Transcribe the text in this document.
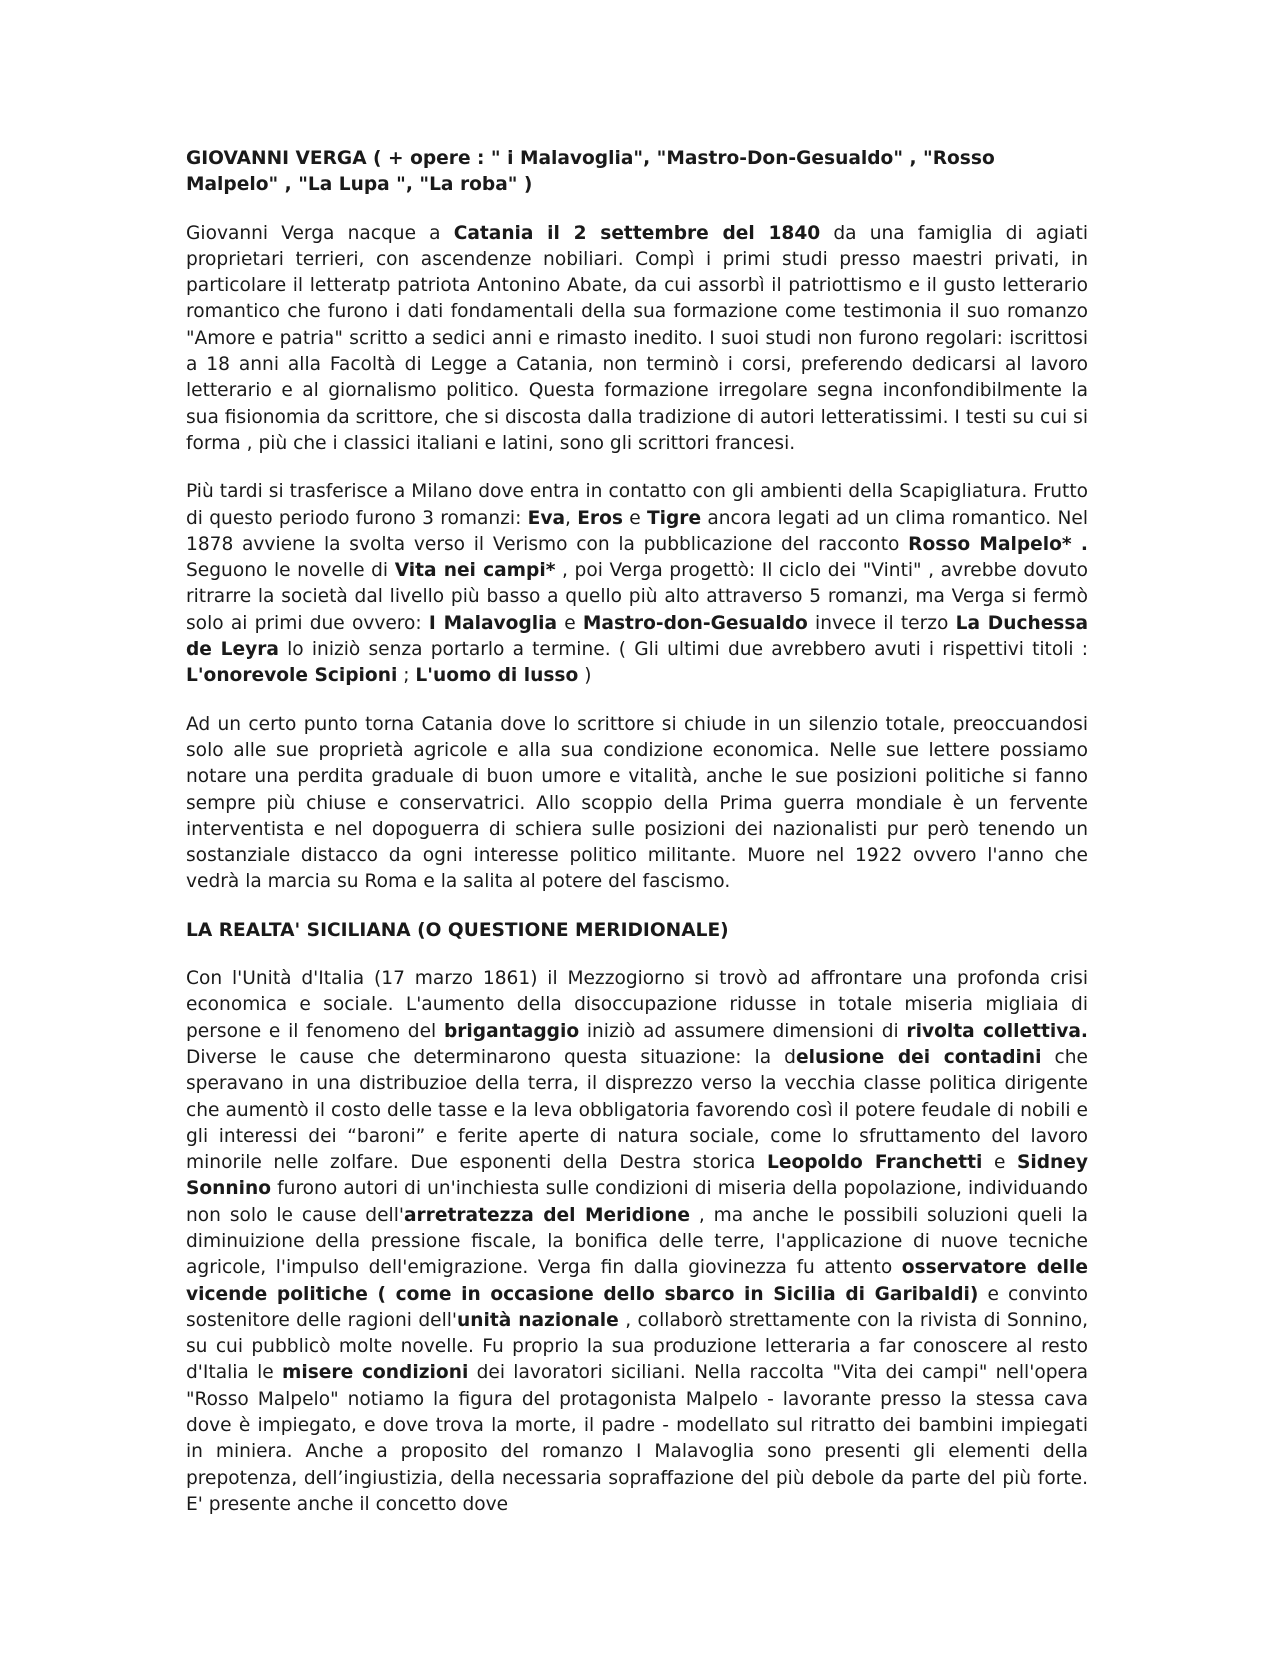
GIOVANNI VERGA ( + opere : " i Malavoglia", "Mastro-Don-Gesualdo" , "Rosso Malpelo" , "La Lupa ", "La roba" )

Giovanni Verga nacque a Catania il 2 settembre del 1840 da una famiglia di agiati proprietari terrieri, con ascendenze nobiliari. Compì i primi studi presso maestri privati, in particolare il letteratp patriota Antonino Abate, da cui assorbì il patriottismo e il gusto letterario romantico che furono i dati fondamentali della sua formazione come testimonia il suo romanzo "Amore e patria" scritto a sedici anni e rimasto inedito. I suoi studi non furono regolari: iscrittosi a 18 anni alla Facoltà di Legge a Catania, non terminò i corsi, preferendo dedicarsi al lavoro letterario e al giornalismo politico. Questa formazione irregolare segna inconfondibilmente la sua fisionomia da scrittore, che si discosta dalla tradizione di autori letteratissimi. I testi su cui si forma , più che i classici italiani e latini, sono gli scrittori francesi.

Più tardi si trasferisce a Milano dove entra in contatto con gli ambienti della Scapigliatura. Frutto di questo periodo furono 3 romanzi: Eva, Eros e Tigre ancora legati ad un clima romantico. Nel 1878 avviene la svolta verso il Verismo con la pubblicazione del racconto Rosso Malpelo* . Seguono le novelle di Vita nei campi* , poi Verga progettò: Il ciclo dei "Vinti" , avrebbe dovuto ritrarre la società dal livello più basso a quello più alto attraverso 5 romanzi, ma Verga si fermò solo ai primi due ovvero: I Malavoglia e Mastro-don-Gesualdo invece il terzo La Duchessa de Leyra lo iniziò senza portarlo a termine. ( Gli ultimi due avrebbero avuti i rispettivi titoli : L'onorevole Scipioni ; L'uomo di lusso )

Ad un certo punto torna Catania dove lo scrittore si chiude in un silenzio totale, preoccuandosi solo alle sue proprietà agricole e alla sua condizione economica. Nelle sue lettere possiamo notare una perdita graduale di buon umore e vitalità, anche le sue posizioni politiche si fanno sempre più chiuse e conservatrici. Allo scoppio della Prima guerra mondiale è un fervente interventista e nel dopoguerra di schiera sulle posizioni dei nazionalisti pur però tenendo un sostanziale distacco da ogni interesse politico militante. Muore nel 1922 ovvero l'anno che vedrà la marcia su Roma e la salita al potere del fascismo.

LA REALTA' SICILIANA (O QUESTIONE MERIDIONALE)

Con l'Unità d'Italia (17 marzo 1861) il Mezzogiorno si trovò ad affrontare una profonda crisi economica e sociale. L'aumento della disoccupazione ridusse in totale miseria migliaia di persone e il fenomeno del brigantaggio iniziò ad assumere dimensioni di rivolta collettiva. Diverse le cause che determinarono questa situazione: la delusione dei contadini che speravano in una distribuzioe della terra, il disprezzo verso la vecchia classe politica dirigente che aumentò il costo delle tasse e la leva obbligatoria favorendo così il potere feudale di nobili e gli interessi dei “baroni” e ferite aperte di natura sociale, come lo sfruttamento del lavoro minorile nelle zolfare. Due esponenti della Destra storica Leopoldo Franchetti e Sidney Sonnino furono autori di un'inchiesta sulle condizioni di miseria della popolazione, individuando non solo le cause dell'arretratezza del Meridione , ma anche le possibili soluzioni queli la diminuizione della pressione fiscale, la bonifica delle terre, l'applicazione di nuove tecniche agricole, l'impulso dell'emigrazione. Verga fin dalla giovinezza fu attento osservatore delle vicende politiche ( come in occasione dello sbarco in Sicilia di Garibaldi) e convinto sostenitore delle ragioni dell'unità nazionale , collaborò strettamente con la rivista di Sonnino, su cui pubblicò molte novelle. Fu proprio la sua produzione letteraria a far conoscere al resto d'Italia le misere condizioni dei lavoratori siciliani. Nella raccolta "Vita dei campi" nell'opera "Rosso Malpelo" notiamo la figura del protagonista Malpelo - lavorante presso la stessa cava dove è impiegato, e dove trova la morte, il padre - modellato sul ritratto dei bambini impiegati in miniera. Anche a proposito del romanzo I Malavoglia sono presenti gli elementi della prepotenza, dell’ingiustizia, della necessaria sopraffazione del più debole da parte del più forte. E' presente anche il concetto dove
